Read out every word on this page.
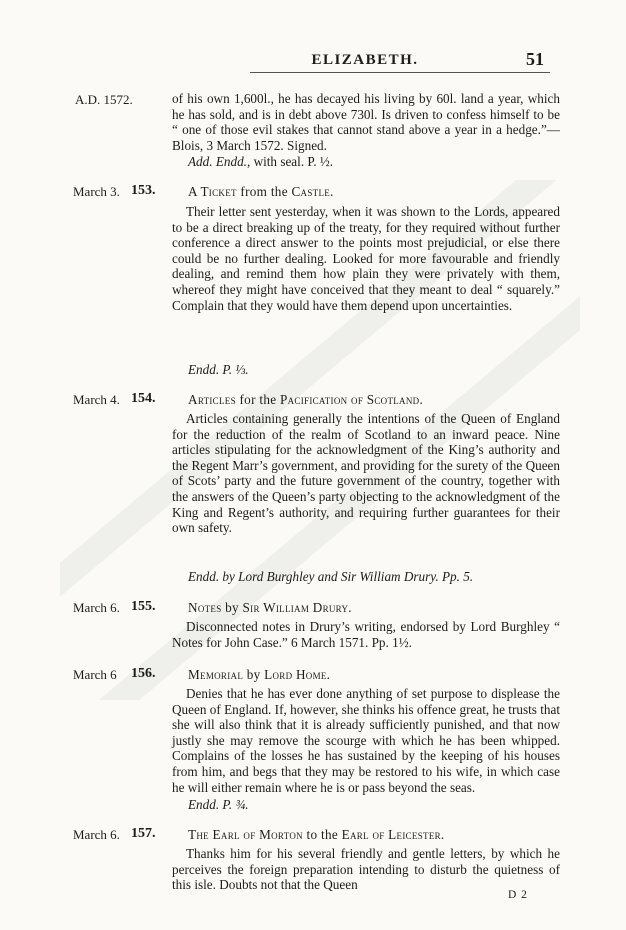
ELIZABETH.	51
A.D. 1572.	of his own 1,600l., he has decayed his living by 60l. land a year, which he has sold, and is in debt above 730l. Is driven to confess himself to be “ one of those evil stakes that cannot stand above a year in a hedge.”—Blois, 3 March 1572. Signed.
Add. Endd., with seal. P. ½.
March 3. 153. A Ticket from the Castle.
Their letter sent yesterday, when it was shown to the Lords, appeared to be a direct breaking up of the treaty, for they required without further conference a direct answer to the points most prejudicial, or else there could be no further dealing. Looked for more favourable and friendly dealing, and remind them how plain they were privately with them, whereof they might have conceived that they meant to deal “ squarely.” Complain that they would have them depend upon uncertainties.
Endd. P. ⅓.
March 4. 154. Articles for the Pacification of Scotland.
Articles containing generally the intentions of the Queen of England for the reduction of the realm of Scotland to an inward peace. Nine articles stipulating for the acknowledgment of the King’s authority and the Regent Marr’s government, and providing for the surety of the Queen of Scots’ party and the future government of the country, together with the answers of the Queen’s party objecting to the acknowledgment of the King and Regent’s authority, and requiring further guarantees for their own safety.
Endd. by Lord Burghley and Sir William Drury. Pp. 5.
March 6. 155. Notes by Sir William Drury.
Disconnected notes in Drury’s writing, endorsed by Lord Burghley “ Notes for John Case.” 6 March 1571. Pp. 1½.
March 6 156. Memorial by Lord Home.
Denies that he has ever done anything of set purpose to displease the Queen of England. If, however, she thinks his offence great, he trusts that she will also think that it is already sufficiently punished, and that now justly she may remove the scourge with which he has been whipped. Complains of the losses he has sustained by the keeping of his houses from him, and begs that they may be restored to his wife, in which case he will either remain where he is or pass beyond the seas.
Endd. P. ¾.
March 6. 157. The Earl of Morton to the Earl of Leicester.
Thanks him for his several friendly and gentle letters, by which he perceives the foreign preparation intending to disturb the quietness of this isle. Doubts not that the Queen
D 2
